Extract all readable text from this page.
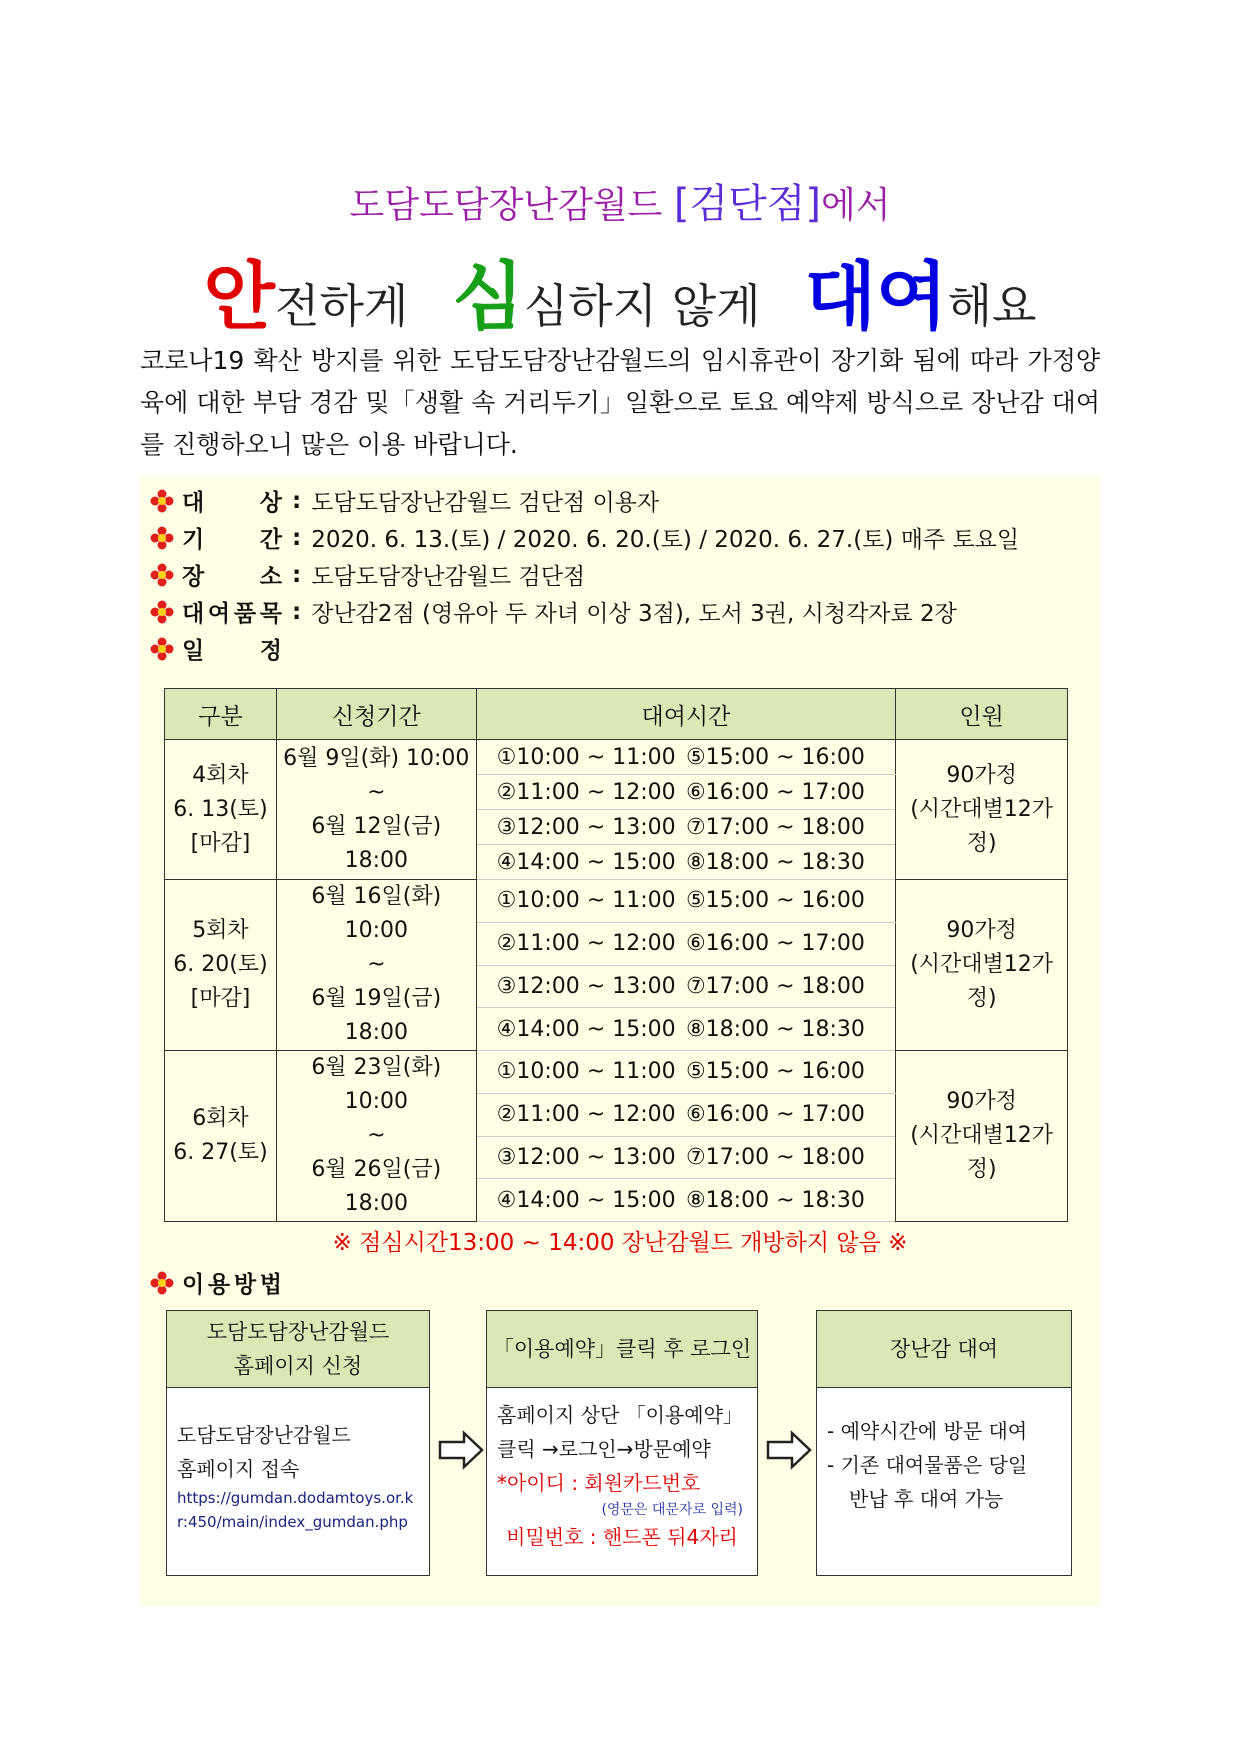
도담도담장난감월드 [검단점]에서
안전하게 심심하지 않게 대여해요
코로나19 확산 방지를 위한 도담도담장난감월드의 임시휴관이 장기화 됨에 따라 가정양육에 대한 부담 경감 및「생활 속 거리두기」일환으로 토요 예약제 방식으로 장난감 대여를 진행하오니 많은 이용 바랍니다.
대 상 : 도담도담장난감월드 검단점 이용자
기 간 : 2020. 6. 13.(토) / 2020. 6. 20.(토) / 2020. 6. 27.(토) 매주 토요일
장 소 : 도담도담장난감월드 검단점
대 여 품 목 : 장난감2점 (영유아 두 자녀 이상 3점), 도서 3권, 시청각자료 2장
일 정
구분	신청기간	대여시간		인원
4회차
6. 13(토)
[마감]	6월 9일(화) 10:00
~
6월 12일(금) 18:00	①10:00 ~ 11:00	⑤15:00 ~ 16:00	90가정
(시간대별12가정)
		②11:00 ~ 12:00	⑥16:00 ~ 17:00	
		③12:00 ~ 13:00	⑦17:00 ~ 18:00	
		④14:00 ~ 15:00	⑧18:00 ~ 18:30	
5회차
6. 20(토)
[마감]	6월 16일(화) 10:00
~
6월 19일(금) 18:00	①10:00 ~ 11:00	⑤15:00 ~ 16:00	90가정
(시간대별12가정)
		②11:00 ~ 12:00	⑥16:00 ~ 17:00	
		③12:00 ~ 13:00	⑦17:00 ~ 18:00	
		④14:00 ~ 15:00	⑧18:00 ~ 18:30	
6회차
6. 27(토)	6월 23일(화) 10:00
~
6월 26일(금) 18:00	①10:00 ~ 11:00	⑤15:00 ~ 16:00	90가정
(시간대별12가정)
		②11:00 ~ 12:00	⑥16:00 ~ 17:00	
		③12:00 ~ 13:00	⑦17:00 ~ 18:00	
		④14:00 ~ 15:00	⑧18:00 ~ 18:30	
※ 점심시간13:00 ~ 14:00 장난감월드 개방하지 않음 ※
이 용 방 법
도담도담장난감월드
홈페이지 신청
도담도담장난감월드
홈페이지 접속
https://gumdan.dodamtoys.or.kr:450/main/index_gumdan.php
「이용예약」클릭 후 로그인
홈페이지 상단 「이용예약」
클릭 →로그인→방문예약
*아이디 : 회원카드번호

(영문은 대문자로 입력)
비밀번호 : 핸드폰 뒤4자리
장난감 대여
- 예약시간에 방문 대여
- 기존 대여물품은 당일
반납 후 대여 가능
